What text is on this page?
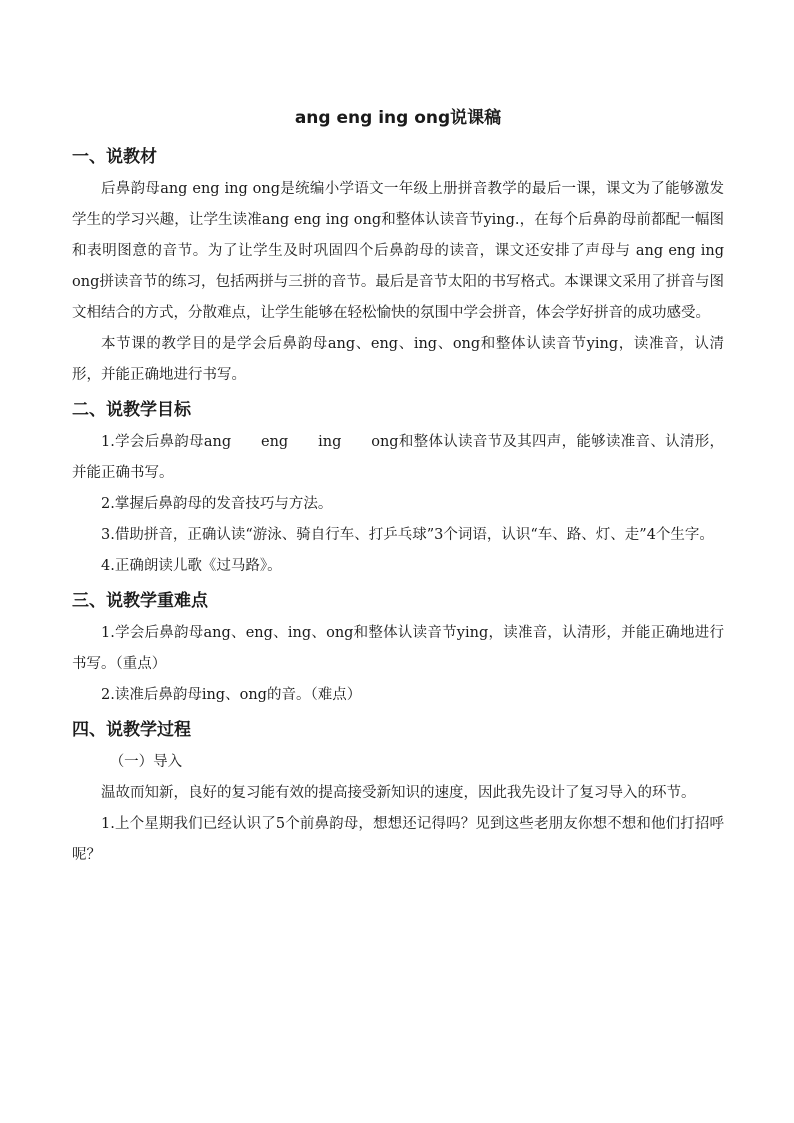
ang eng ing ong说课稿
一、说教材

后鼻韵母ang eng ing ong是统编小学语文一年级上册拼音教学的最后一课，课文为了能够激发学生的学习兴趣，让学生读准ang eng ing ong和整体认读音节ying.，在每个后鼻韵母前都配一幅图和表明图意的音节。为了让学生及时巩固四个后鼻韵母的读音，课文还安排了声母与 ang eng ing ong拼读音节的练习，包括两拼与三拼的音节。最后是音节太阳的书写格式。本课课文采用了拼音与图文相结合的方式，分散难点，让学生能够在轻松愉快的氛围中学会拼音，体会学好拼音的成功感受。

本节课的教学目的是学会后鼻韵母ang、eng、ing、ong和整体认读音节ying，读准音，认清形，并能正确地进行书写。

二、说教学目标

1.学会后鼻韵母ang　　eng　　ing　　ong和整体认读音节及其四声，能够读准音、认清形，并能正确书写。

2.掌握后鼻韵母的发音技巧与方法。

3.借助拼音，正确认读“游泳、骑自行车、打乒乓球”3个词语，认识“车、路、灯、走”4个生字。

4.正确朗读儿歌《过马路》。

三、说教学重难点

1.学会后鼻韵母ang、eng、ing、ong和整体认读音节ying，读准音，认清形，并能正确地进行书写。（重点）

2.读准后鼻韵母ing、ong的音。（难点）

四、说教学过程

（一）导入

温故而知新，良好的复习能有效的提高接受新知识的速度，因此我先设计了复习导入的环节。

1.上个星期我们已经认识了5个前鼻韵母，想想还记得吗？见到这些老朋友你想不想和他们打招呼呢？
